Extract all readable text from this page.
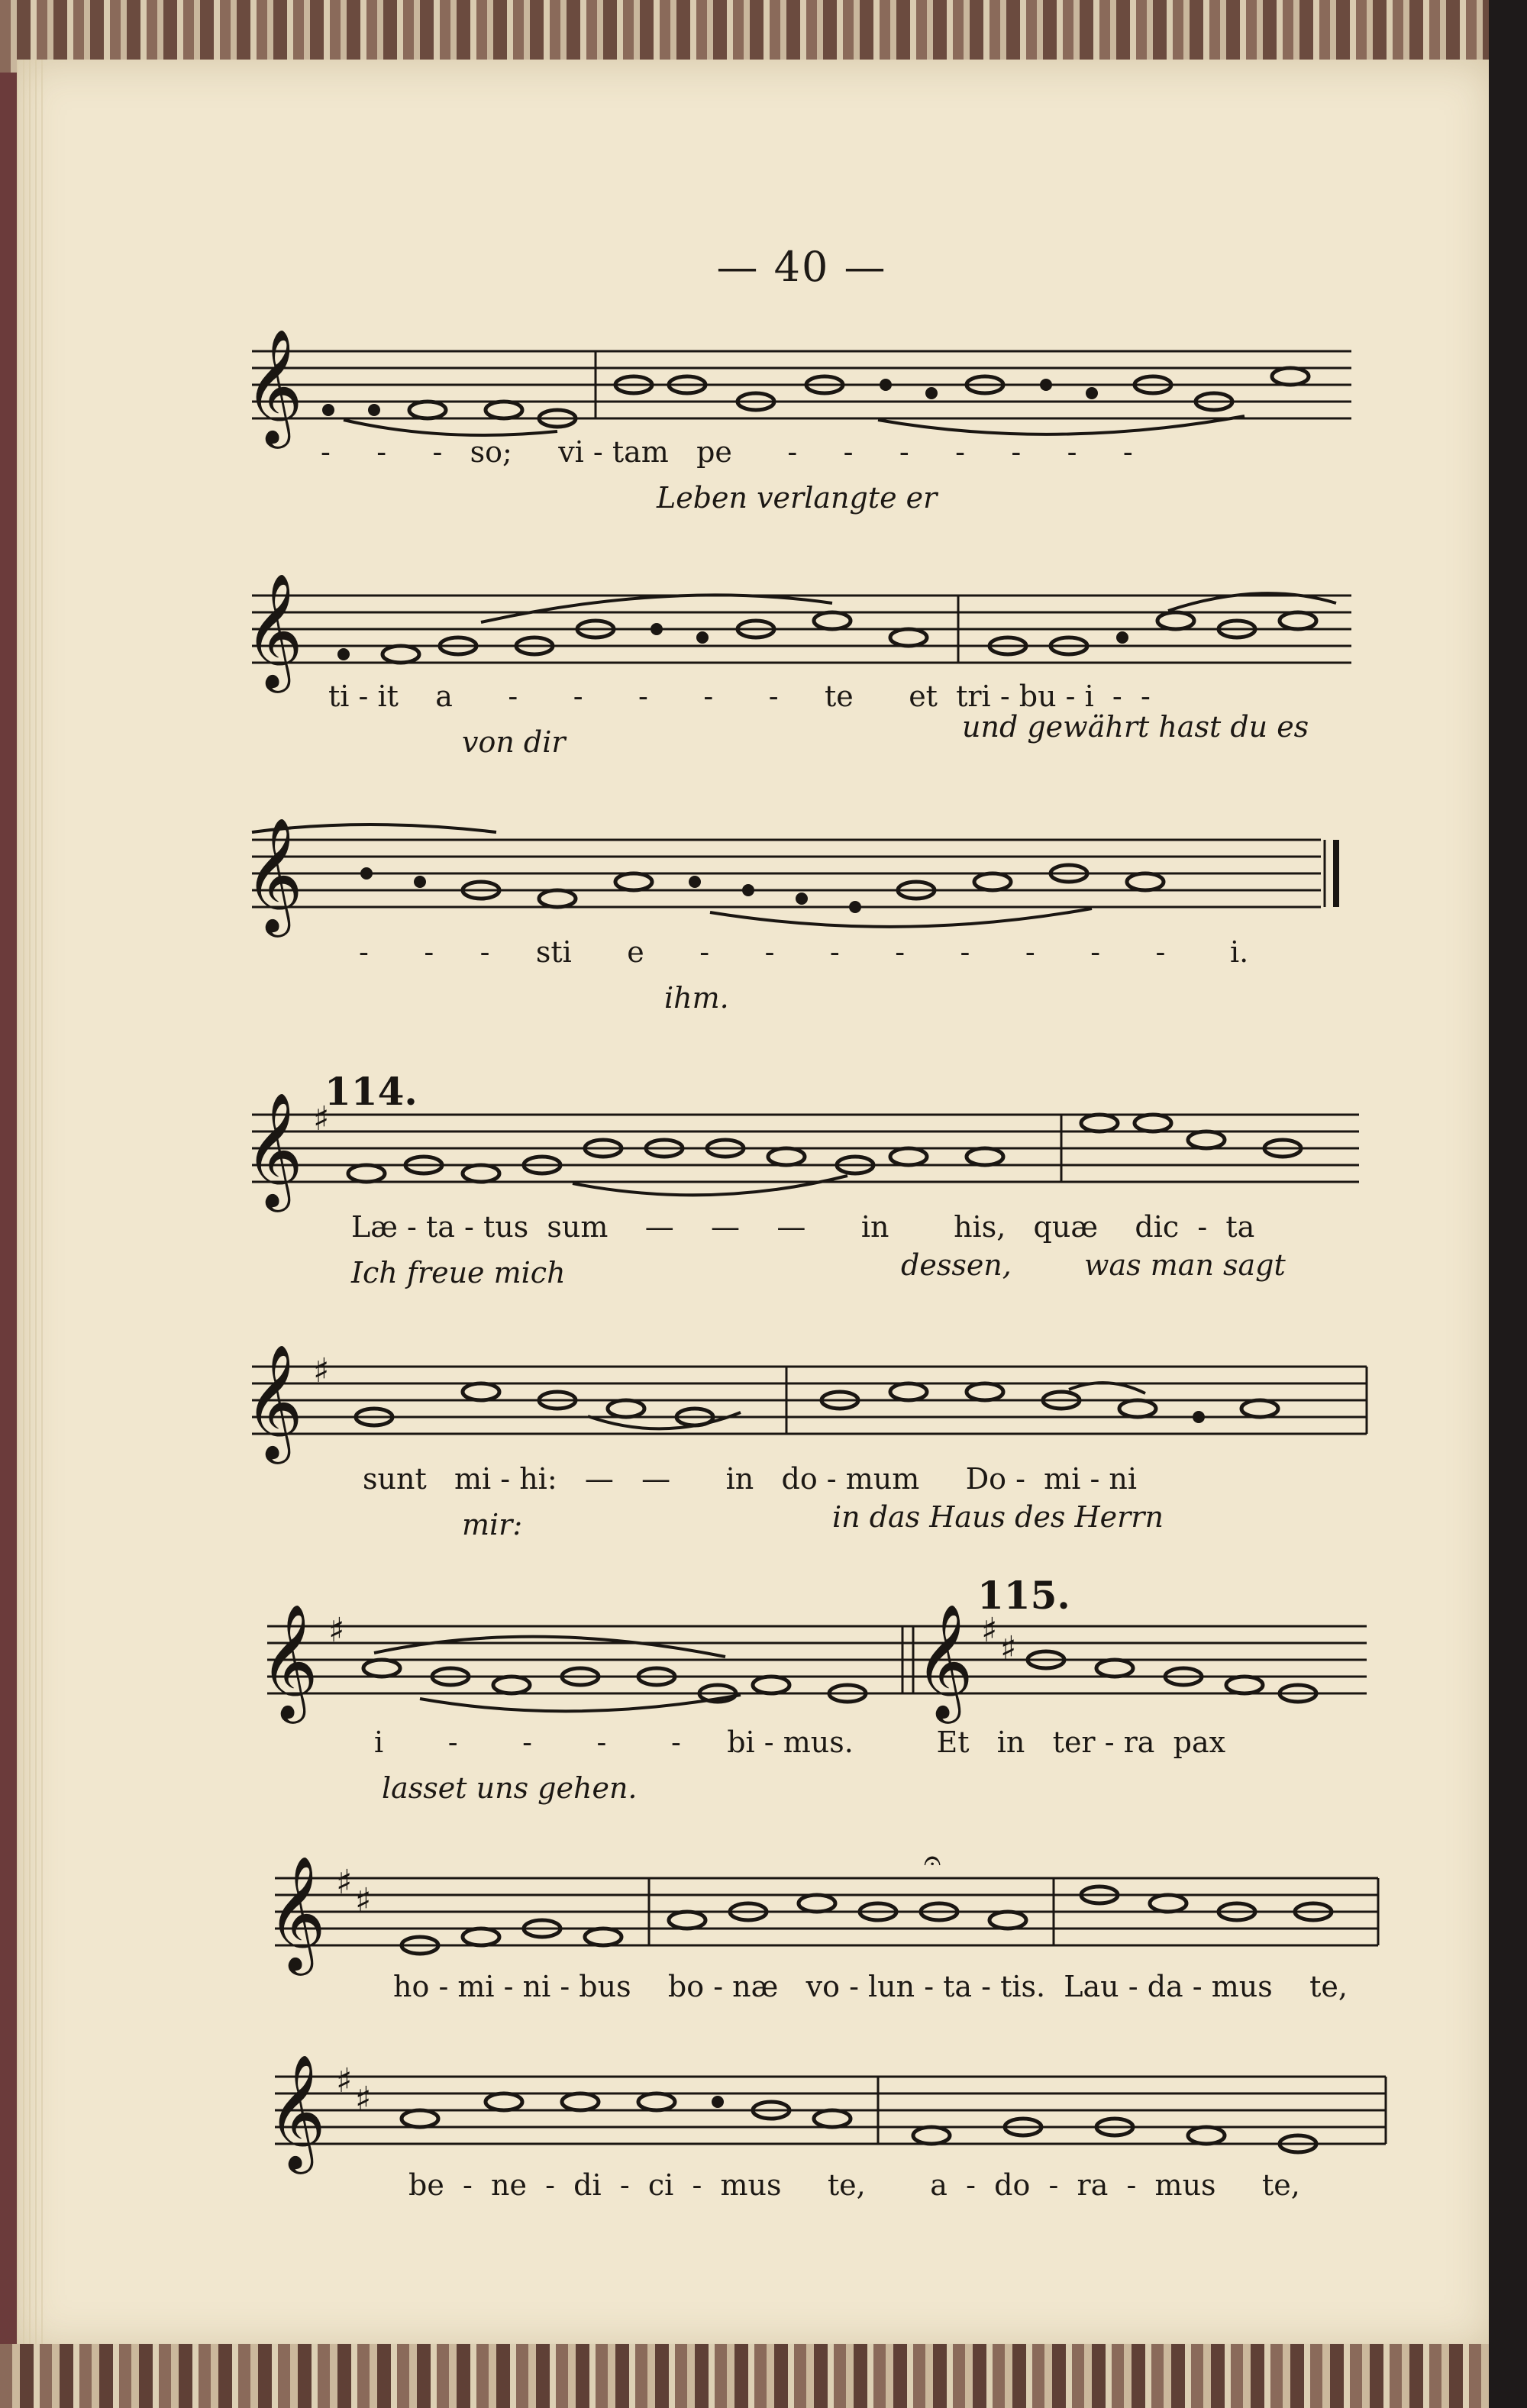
— 40 —
𝄞
- - - so; vi - tam pe - - - - - - -
Leben verlangte er
𝄞
ti - it a - - - - - te et tri - bu - i - -
von dir	und gewährt hast du es
𝄞
- - - sti e - - - - - - - - i.
ihm.
114.
𝄞 ♯
Læ - ta - tus sum — — — in his, quæ dic - ta
Ich freue mich	dessen,	was man sagt
𝄞 ♯
sunt mi - hi: — — in do - mum Do - mi - ni
mir:	in das Haus des Herrn
115.
𝄞 ♯	𝄞 ♯ ♯
i - - - - bi - mus.	Et in ter - ra pax
lasset uns gehen.
𝄞 ♯ ♯
𝄐
ho - mi - ni - bus bo - næ vo - lun - ta - tis. Lau - da - mus te,
𝄞 ♯ ♯
be - ne - di - ci - mus te, a - do - ra - mus te,
